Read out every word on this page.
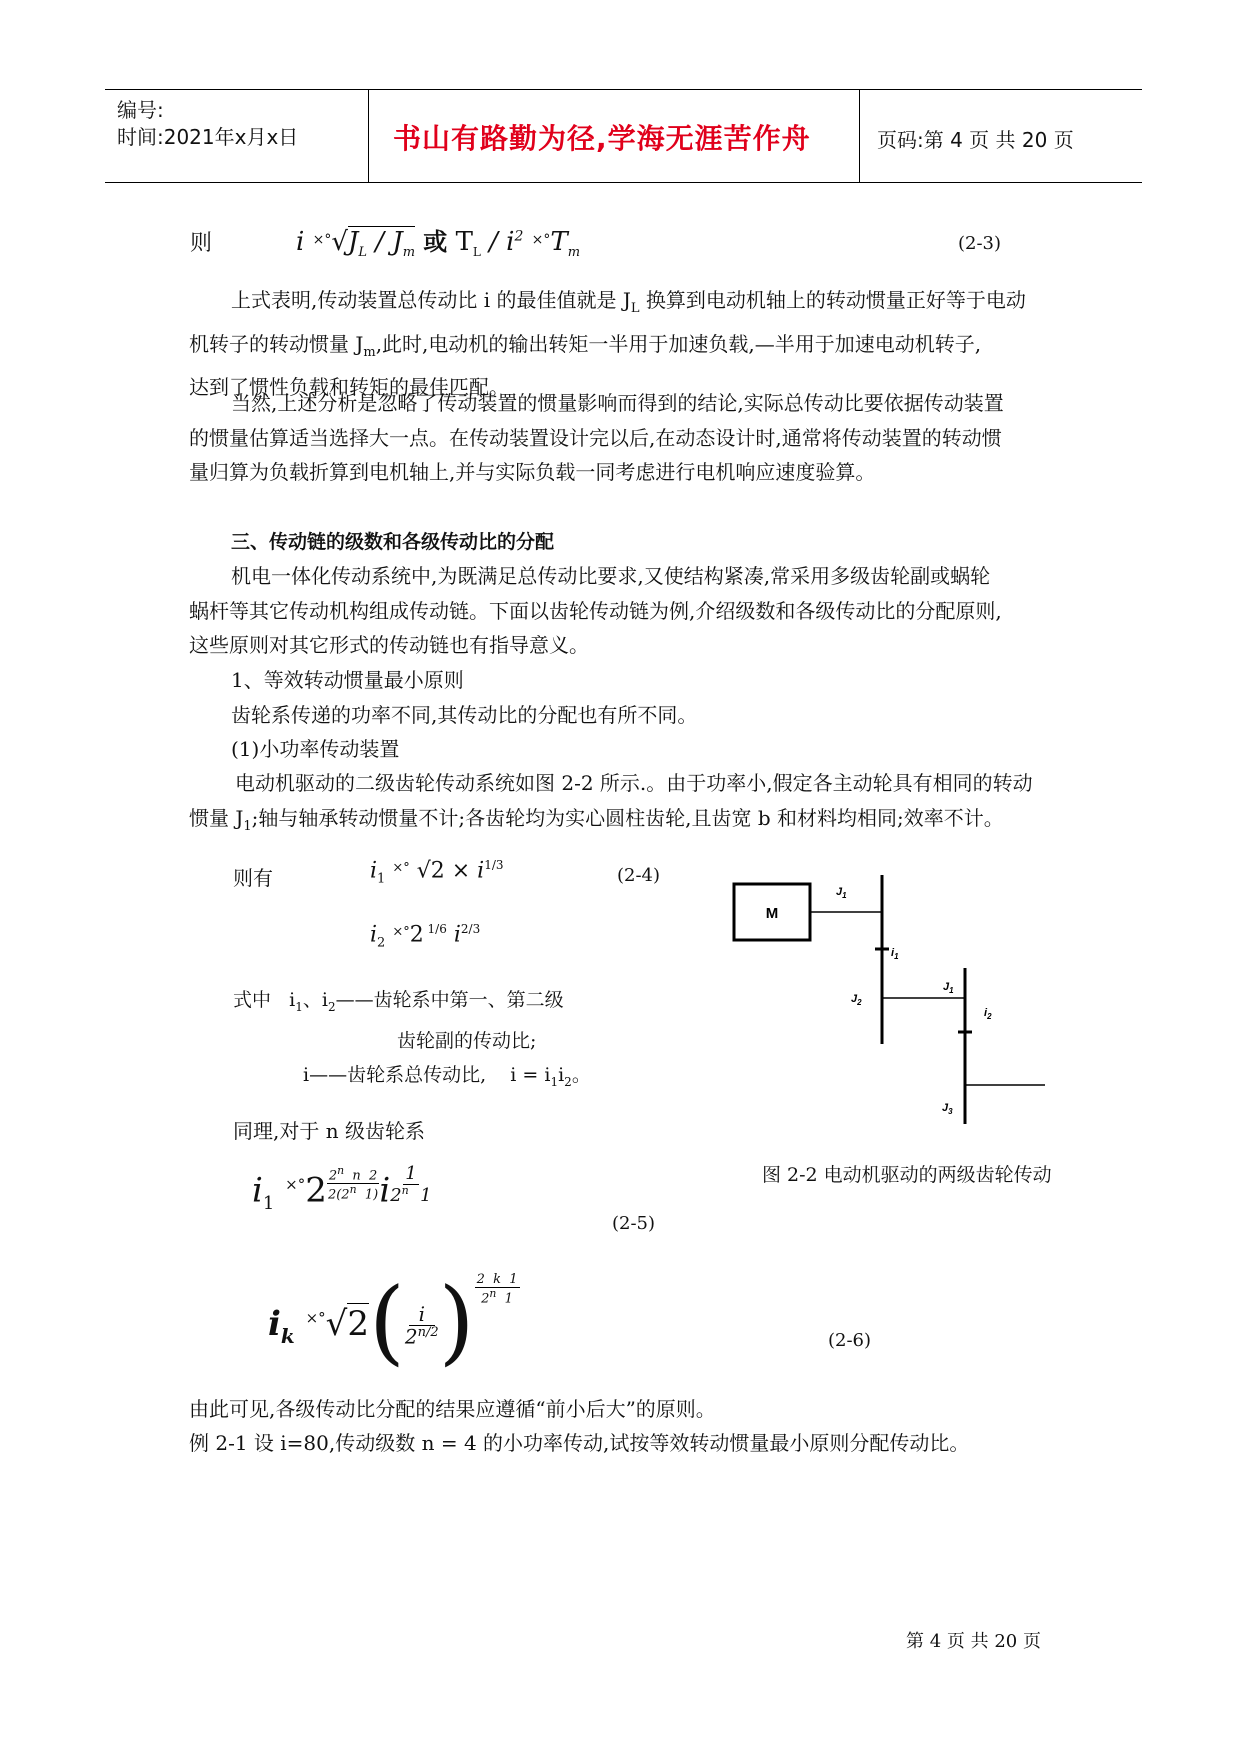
编号:
时间:2021年x月x日	书山有路勤为径,学海无涯苦作舟	页码:第 4 页 共 20 页
则	i $^{\times^\circ}√J_L / J_m$ 或 $T_L / i^2$ $^{\times^\circ}T_m$	(2-3)
上式表明,传动装置总传动比 i 的最佳值就是 $J_L$ 换算到电动机轴上的转动惯量正好等于电动
机转子的转动惯量 $J_m$,此时,电动机的输出转矩一半用于加速负载,—半用于加速电动机转子,
达到了惯性负载和转矩的最佳匹配。
当然,上述分析是忽略了传动装置的惯量影响而得到的结论,实际总传动比要依据传动装置
的惯量估算适当选择大一点。在传动装置设计完以后,在动态设计时,通常将传动装置的转动惯
量归算为负载折算到电机轴上,并与实际负载一同考虑进行电机响应速度验算。
三、传动链的级数和各级传动比的分配
机电一体化传动系统中,为既满足总传动比要求,又使结构紧凑,常采用多级齿轮副或蜗轮
蜗杆等其它传动机构组成传动链。下面以齿轮传动链为例,介绍级数和各级传动比的分配原则,
这些原则对其它形式的传动链也有指导意义。
1、等效转动惯量最小原则
齿轮系传递的功率不同,其传动比的分配也有所不同。
(1)小功率传动装置
电动机驱动的二级齿轮传动系统如图 2-2 所示.。由于功率小,假定各主动轮具有相同的转动
惯量 $J_1$;轴与轴承转动惯量不计;各齿轮均为实心圆柱齿轮,且齿宽 b 和材料均相同;效率不计。
则有	$i_1$ ×° $√2 \times i^{1/3}$	(2-4)
$i_2$ ×°2 $^{1/6}$ $i^{2/3}$
式中   $i_1$、$i_2——$齿轮系中第一、第二级
齿轮副的传动比;
i——齿轮系总传动比, $i = i_1i_2$。
同理,对于 n 级齿轮系
$i_1$ $^{\times^\circ}2 \frac{2^n n 2}{2(2^n 1)}$ i $\frac{1}{2^n 1}$
(2-5)
$i_k$ $^{\times^\circ}√2( \frac{i}{2^{n/2}}$ ) $\frac{2 k 1}{2^n 1}$
(2-6)
M
$J_1$
$i_1$
$J_2$
$J_1$
$i_2$
$J_3$
图 2-2 电动机驱动的两级齿轮传动
由此可见,各级传动比分配的结果应遵循“前小后大”的原则。
例 2-1 设 i=80,传动级数 n = 4 的小功率传动,试按等效转动惯量最小原则分配传动比。
第 4 页 共 20 页
